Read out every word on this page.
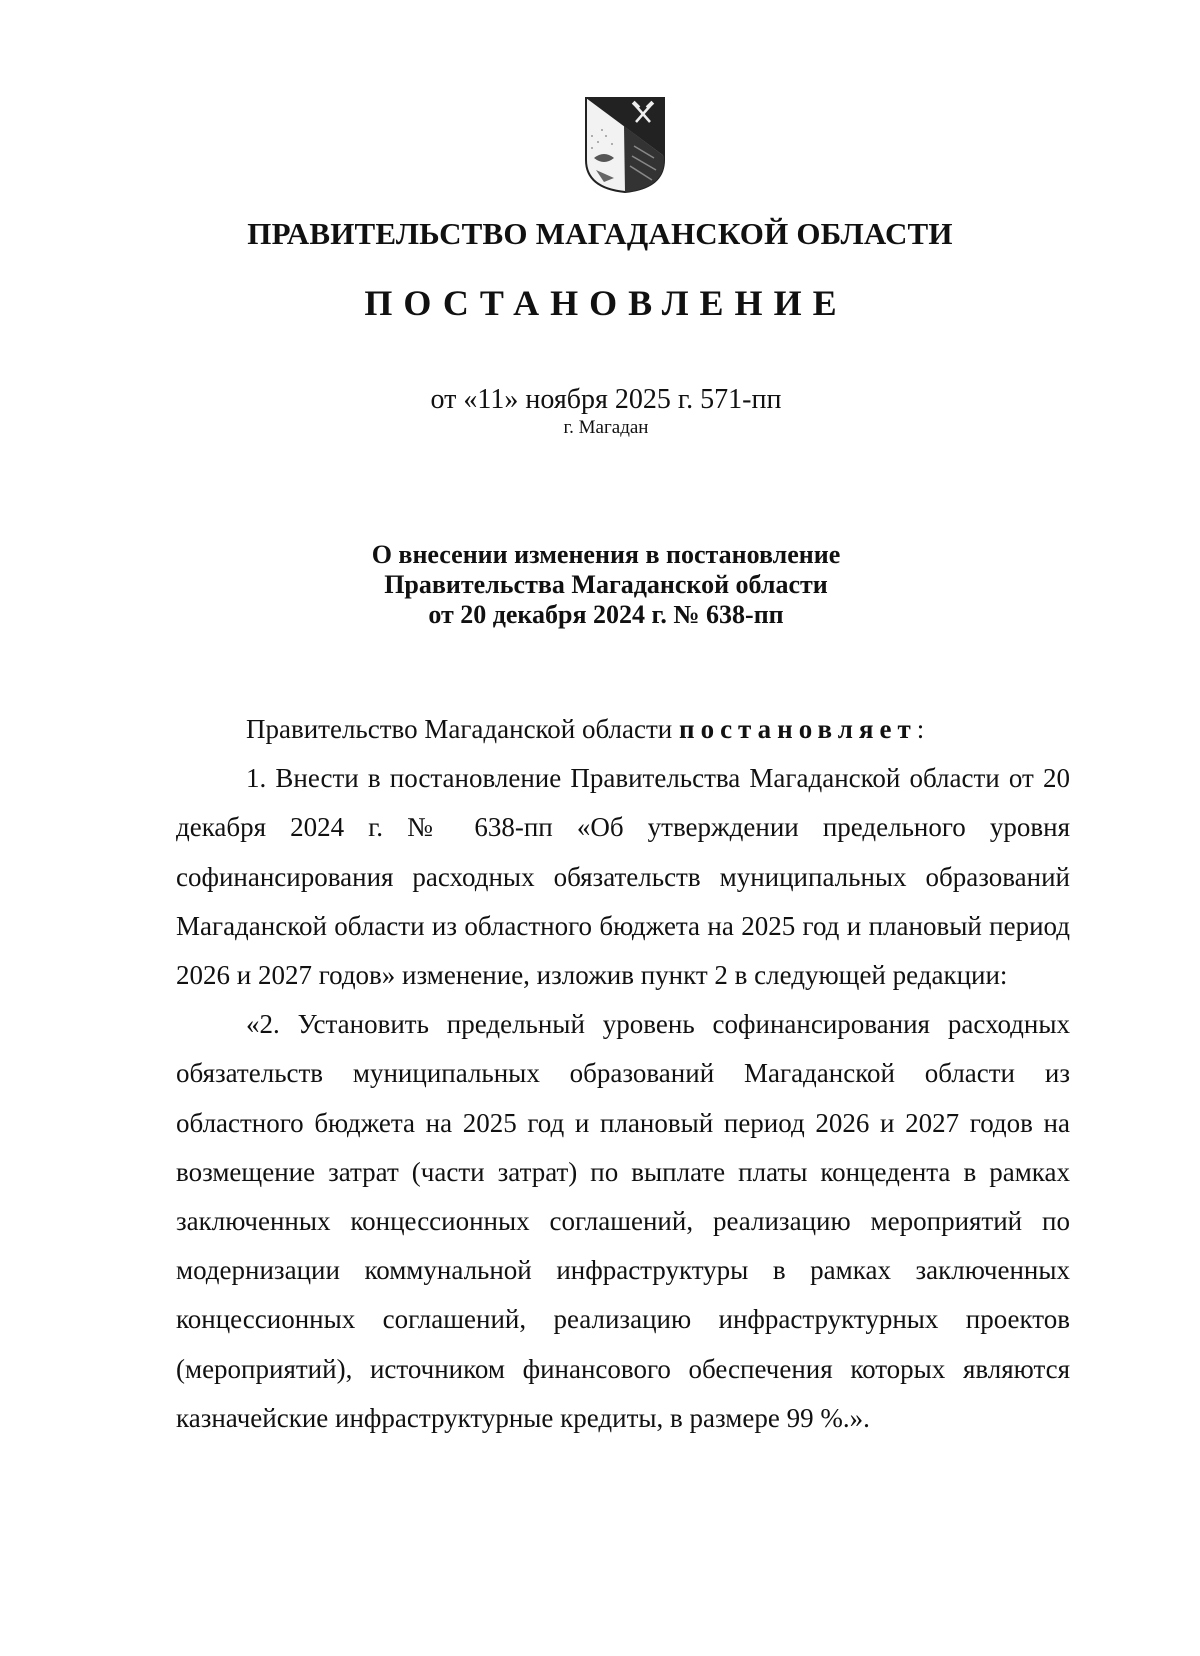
ПРАВИТЕЛЬСТВО МАГАДАНСКОЙ ОБЛАСТИ
ПОСТАНОВЛЕНИЕ
от «11» ноября 2025 г. 571-пп
г. Магадан
О внесении изменения в постановление
Правительства Магаданской области
от 20 декабря 2024 г. № 638-пп

Правительство Магаданской области постановляет:

1. Внести в постановление Правительства Магаданской области от 20 декабря 2024 г. № 638-пп «Об утверждении предельного уровня софинансирования расходных обязательств муниципальных образований Магаданской области из областного бюджета на 2025 год и плановый период 2026 и 2027 годов» изменение, изложив пункт 2 в следующей редакции:

«2. Установить предельный уровень софинансирования расходных обязательств муниципальных образований Магаданской области из областного бюджета на 2025 год и плановый период 2026 и 2027 годов на возмещение затрат (части затрат) по выплате платы концедента в рамках заключенных концессионных соглашений, реализацию мероприятий по модернизации коммунальной инфраструктуры в рамках заключенных концессионных соглашений, реализацию инфраструктурных проектов (мероприятий), источником финансового обеспечения которых являются казначейские инфраструктурные кредиты, в размере 99 %.».
